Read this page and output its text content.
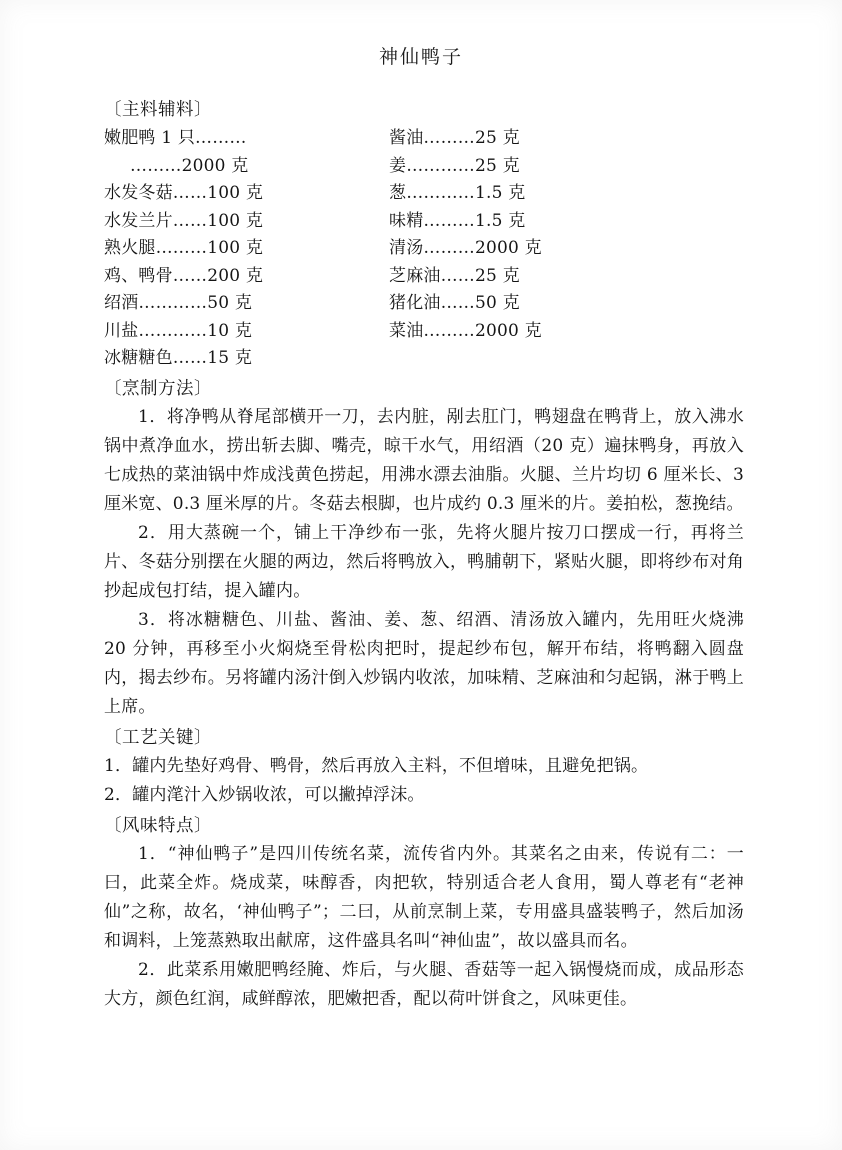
神仙鸭子
〔主料辅料〕
嫩肥鸭 1 只………	酱油………25 克
………2000 克	姜…………25 克
水发冬菇……100 克	葱…………1.5 克
水发兰片……100 克	味精………1.5 克
熟火腿………100 克	清汤………2000 克
鸡、鸭骨……200 克	芝麻油……25 克
绍酒…………50 克	猪化油……50 克
川盐…………10 克	菜油………2000 克
冰糖糖色……15 克	
〔烹制方法〕

1．将净鸭从脊尾部横开一刀，去内脏，剐去肛门，鸭翅盘在鸭背上，放入沸水锅中煮净血水，捞出斩去脚、嘴壳，晾干水气，用绍酒（20 克）遍抹鸭身，再放入七成热的菜油锅中炸成浅黄色捞起，用沸水漂去油脂。火腿、兰片均切 6 厘米长、3 厘米宽、0.3 厘米厚的片。冬菇去根脚，也片成约 0.3 厘米的片。姜拍松，葱挽结。

2．用大蒸碗一个，铺上干净纱布一张，先将火腿片按刀口摆成一行，再将兰片、冬菇分别摆在火腿的两边，然后将鸭放入，鸭脯朝下，紧贴火腿，即将纱布对角抄起成包打结，提入罐内。

3．将冰糖糖色、川盐、酱油、姜、葱、绍酒、清汤放入罐内，先用旺火烧沸 20 分钟，再移至小火焖烧至骨松肉把时，提起纱布包，解开布结，将鸭翻入圆盘内，揭去纱布。另将罐内汤汁倒入炒锅内收浓，加味精、芝麻油和匀起锅，淋于鸭上上席。

〔工艺关键〕

1．罐内先垫好鸡骨、鸭骨，然后再放入主料，不但增味，且避免把锅。

2．罐内滗汁入炒锅收浓，可以撇掉浮沫。

〔风味特点〕

1．“神仙鸭子”是四川传统名菜，流传省内外。其菜名之由来，传说有二：一曰，此菜全炸。烧成菜，味醇香，肉把软，特别适合老人食用，蜀人尊老有“老神仙”之称，故名，‘神仙鸭子”；二曰，从前烹制上菜，专用盛具盛装鸭子，然后加汤和调料，上笼蒸熟取出献席，这件盛具名叫“神仙盅”，故以盛具而名。

2．此菜系用嫩肥鸭经腌、炸后，与火腿、香菇等一起入锅慢烧而成，成品形态大方，颜色红润，咸鲜醇浓，肥嫩把香，配以荷叶饼食之，风味更佳。
